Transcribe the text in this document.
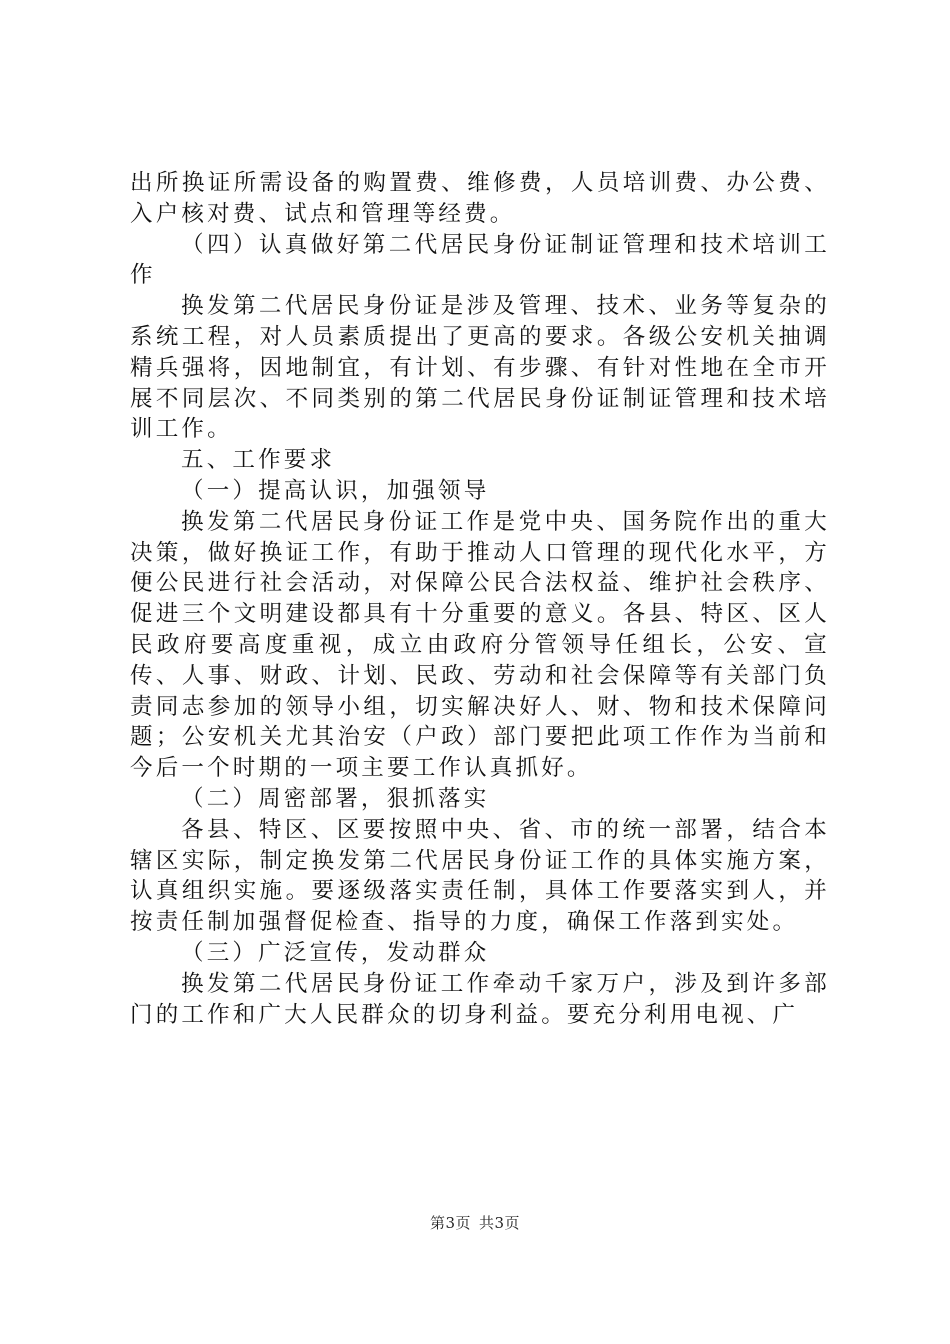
出所换证所需设备的购置费、维修费，人员培训费、办公费、入户核对费、试点和管理等经费。

（四）认真做好第二代居民身份证制证管理和技术培训工作

换发第二代居民身份证是涉及管理、技术、业务等复杂的系统工程，对人员素质提出了更高的要求。各级公安机关抽调精兵强将，因地制宜，有计划、有步骤、有针对性地在全市开展不同层次、不同类别的第二代居民身份证制证管理和技术培训工作。

五、工作要求

（一）提高认识，加强领导

换发第二代居民身份证工作是党中央、国务院作出的重大决策，做好换证工作，有助于推动人口管理的现代化水平，方便公民进行社会活动，对保障公民合法权益、维护社会秩序、促进三个文明建设都具有十分重要的意义。各县、特区、区人民政府要高度重视，成立由政府分管领导任组长，公安、宣传、人事、财政、计划、民政、劳动和社会保障等有关部门负责同志参加的领导小组，切实解决好人、财、物和技术保障问题；公安机关尤其治安（户政）部门要把此项工作作为当前和今后一个时期的一项主要工作认真抓好。

（二）周密部署，狠抓落实

各县、特区、区要按照中央、省、市的统一部署，结合本辖区实际，制定换发第二代居民身份证工作的具体实施方案，认真组织实施。要逐级落实责任制，具体工作要落实到人，并按责任制加强督促检查、指导的力度，确保工作落到实处。

（三）广泛宣传，发动群众

换发第二代居民身份证工作牵动千家万户，涉及到许多部门的工作和广大人民群众的切身利益。要充分利用电视、广

第3页 共3页
